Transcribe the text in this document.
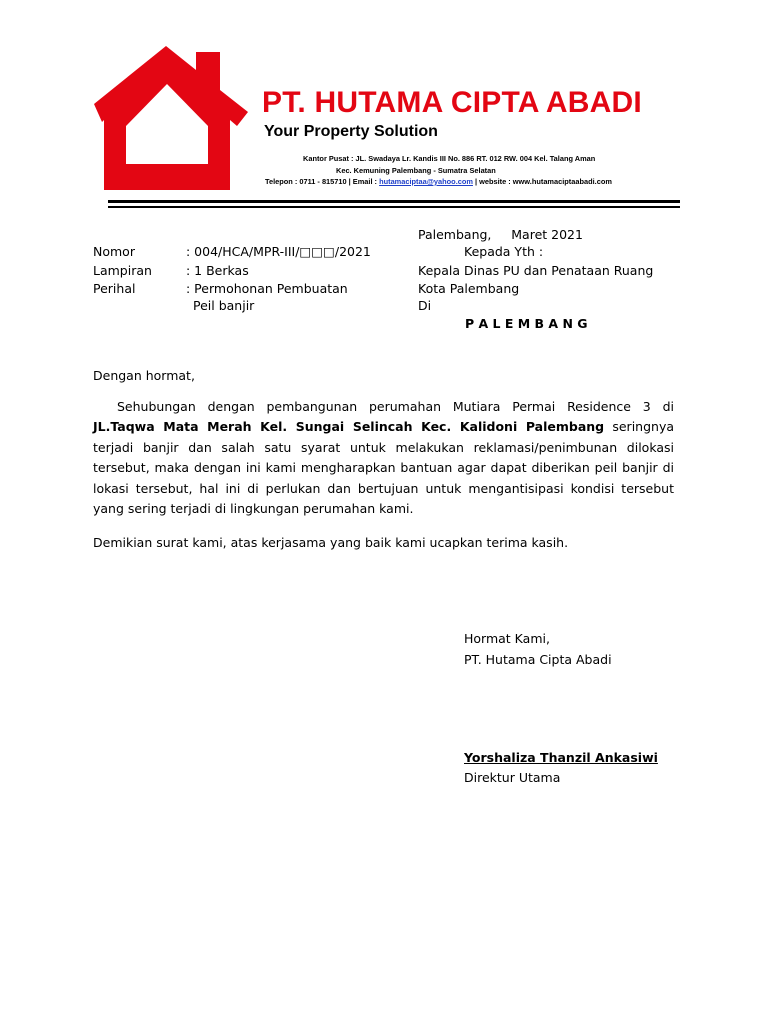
PT. HUTAMA CIPTA ABADI
Your Property Solution
Kantor Pusat : JL. Swadaya Lr. Kandis III No. 886 RT. 012 RW. 004 Kel. Talang Aman
Kec. Kemuning Palembang - Sumatra Selatan
Telepon : 0711 - 815710 | Email : hutamaciptaa@yahoo.com | website : www.hutamaciptaabadi.com
Palembang,     Maret 2021
Nomor	: 004/HCA/MPR-III/□□□/2021
Lampiran	: 1 Berkas
Perihal	: Permohonan Pembuatan
Peil banjir
Kepada Yth :
Kepala Dinas PU dan Penataan Ruang
Kota Palembang
Di
P A L E M B A N G
Dengan hormat,
Sehubungan dengan pembangunan perumahan Mutiara Permai Residence 3 di JL.Taqwa Mata Merah Kel. Sungai Selincah Kec. Kalidoni Palembang seringnya terjadi banjir dan salah satu syarat untuk melakukan reklamasi/penimbunan dilokasi tersebut, maka dengan ini kami mengharapkan bantuan agar dapat diberikan peil banjir di lokasi tersebut, hal ini di perlukan dan bertujuan untuk mengantisipasi kondisi tersebut yang sering terjadi di lingkungan perumahan kami.
Demikian surat kami, atas kerjasama yang baik kami ucapkan terima kasih.
Hormat Kami,
PT. Hutama Cipta Abadi
Yorshaliza Thanzil Ankasiwi
Direktur Utama
